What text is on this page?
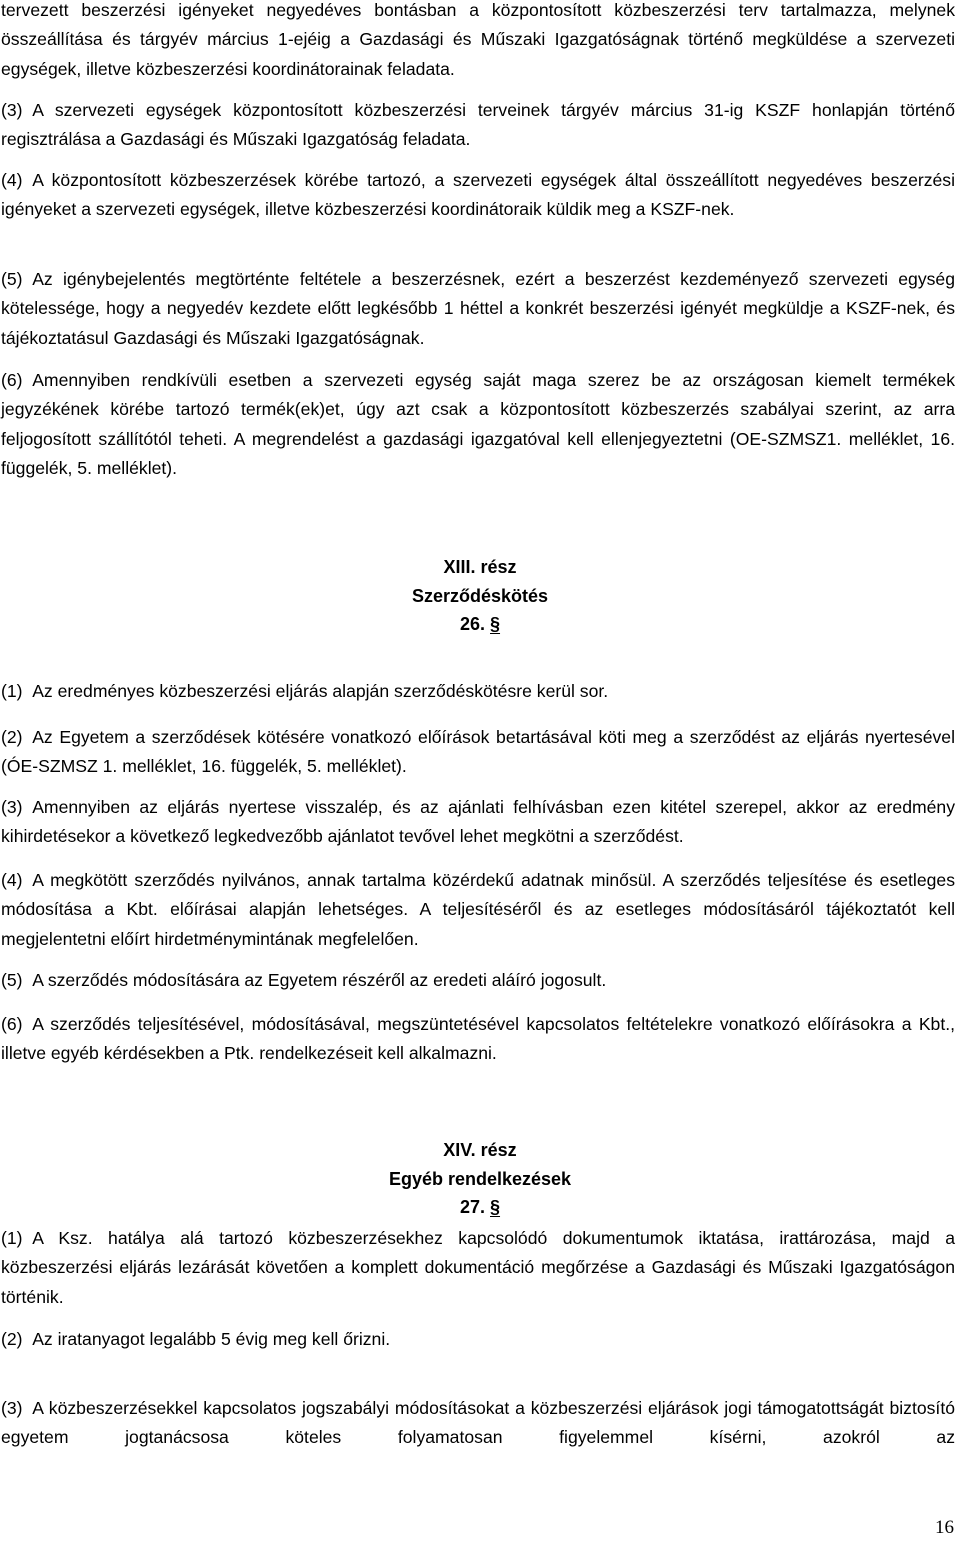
tervezett beszerzési igényeket negyedéves bontásban a központosított közbeszerzési terv tartalmazza, melynek összeállítása és tárgyév március 1-ejéig a Gazdasági és Műszaki Igazgatóságnak történő megküldése a szervezeti egységek, illetve közbeszerzési koordinátorainak feladata.

(3) A szervezeti egységek központosított közbeszerzési terveinek tárgyév március 31-ig KSZF honlapján történő regisztrálása a Gazdasági és Műszaki Igazgatóság feladata.

(4) A központosított közbeszerzések körébe tartozó, a szervezeti egységek által összeállított negyedéves beszerzési igényeket a szervezeti egységek, illetve közbeszerzési koordinátoraik küldik meg a KSZF-nek.

(5) Az igénybejelentés megtörténte feltétele a beszerzésnek, ezért a beszerzést kezdeményező szervezeti egység kötelessége, hogy a negyedév kezdete előtt legkésőbb 1 héttel a konkrét beszerzési igényét megküldje a KSZF-nek, és tájékoztatásul Gazdasági és Műszaki Igazgatóságnak.

(6) Amennyiben rendkívüli esetben a szervezeti egység saját maga szerez be az országosan kiemelt termékek jegyzékének körébe tartozó termék(ek)et, úgy azt csak a központosított közbeszerzés szabályai szerint, az arra feljogosított szállítótól teheti. A megrendelést a gazdasági igazgatóval kell ellenjegyeztetni (OE-SZMSZ1. melléklet, 16. függelék, 5. melléklet).

XIII. rész
Szerződéskötés
26. §

(1) Az eredményes közbeszerzési eljárás alapján szerződéskötésre kerül sor.

(2) Az Egyetem a szerződések kötésére vonatkozó előírások betartásával köti meg a szerződést az eljárás nyertesével (ÓE-SZMSZ 1. melléklet, 16. függelék, 5. melléklet).

(3) Amennyiben az eljárás nyertese visszalép, és az ajánlati felhívásban ezen kitétel szerepel, akkor az eredmény kihirdetésekor a következő legkedvezőbb ajánlatot tevővel lehet megkötni a szerződést.

(4) A megkötött szerződés nyilvános, annak tartalma közérdekű adatnak minősül. A szerződés teljesítése és esetleges módosítása a Kbt. előírásai alapján lehetséges. A teljesítéséről és az esetleges módosításáról tájékoztatót kell megjelentetni előírt hirdetménymintának megfelelően.

(5) A szerződés módosítására az Egyetem részéről az eredeti aláíró jogosult.

(6) A szerződés teljesítésével, módosításával, megszüntetésével kapcsolatos feltételekre vonatkozó előírásokra a Kbt., illetve egyéb kérdésekben a Ptk. rendelkezéseit kell alkalmazni.

XIV. rész
Egyéb rendelkezések
27. §

(1) A Ksz. hatálya alá tartozó közbeszerzésekhez kapcsolódó dokumentumok iktatása, irattározása, majd a közbeszerzési eljárás lezárását követően a komplett dokumentáció megőrzése a Gazdasági és Műszaki Igazgatóságon történik.

(2) Az iratanyagot legalább 5 évig meg kell őrizni.

(3) A közbeszerzésekkel kapcsolatos jogszabályi módosításokat a közbeszerzési eljárások jogi támogatottságát biztosító egyetem jogtanácsosa köteles folyamatosan figyelemmel kísérni, azokról az

16
